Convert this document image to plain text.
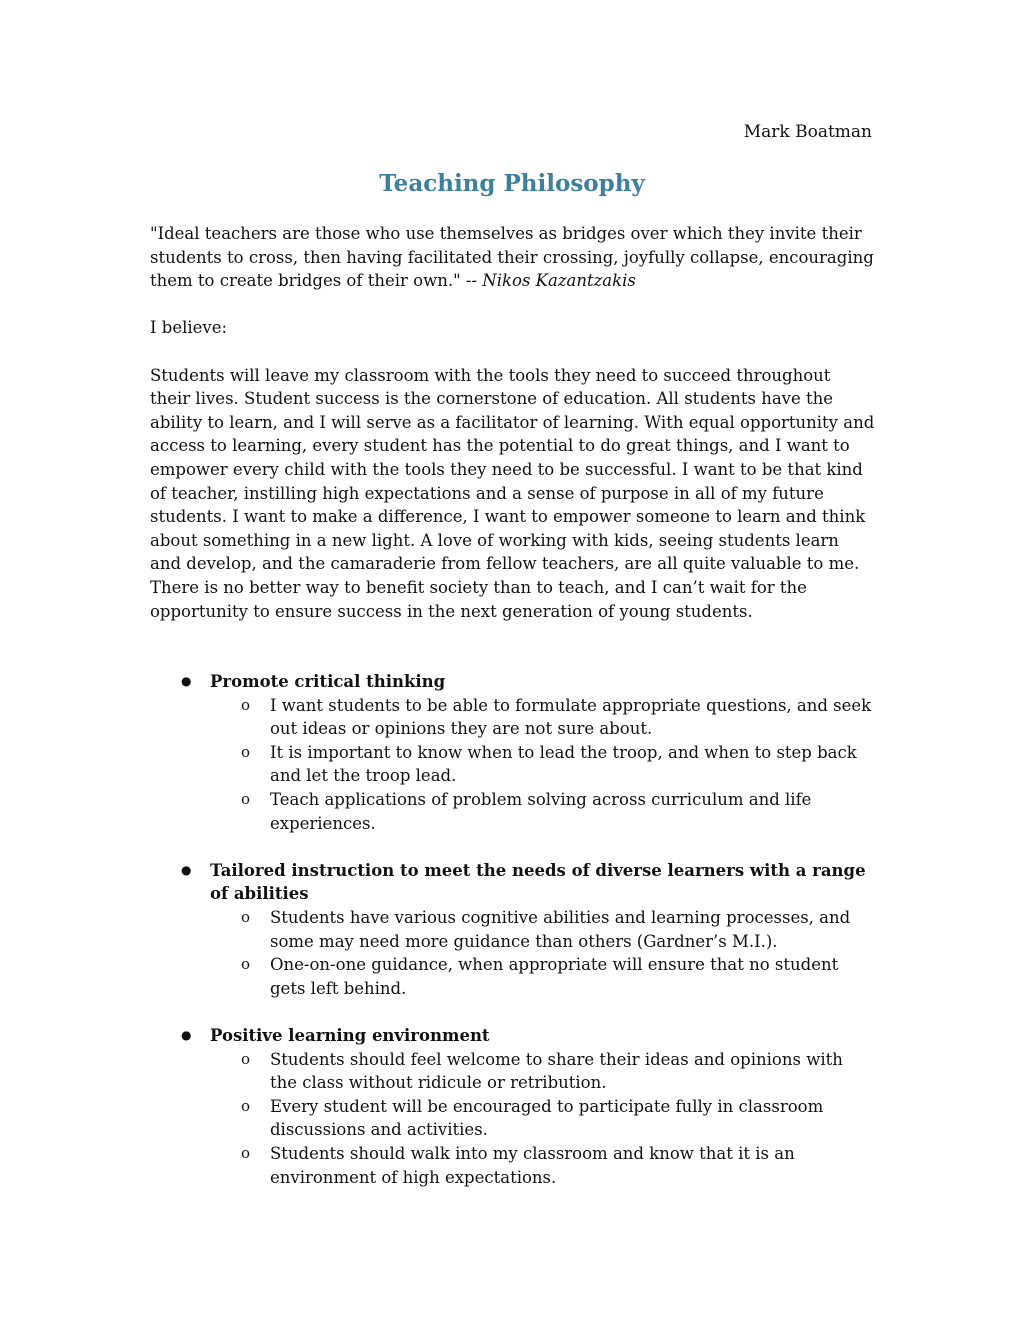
Mark Boatman
Teaching Philosophy

"Ideal teachers are those who use themselves as bridges over which they invite their students to cross, then having facilitated their crossing, joyfully collapse, encouraging them to create bridges of their own." -- Nikos Kazantzakis

I believe:

Students will leave my classroom with the tools they need to succeed throughout their lives. Student success is the cornerstone of education. All students have the ability to learn, and I will serve as a facilitator of learning. With equal opportunity and access to learning, every student has the potential to do great things, and I want to empower every child with the tools they need to be successful. I want to be that kind of teacher, instilling high expectations and a sense of purpose in all of my future students. I want to make a difference, I want to empower someone to learn and think about something in a new light. A love of working with kids, seeing students learn and develop, and the camaraderie from fellow teachers, are all quite valuable to me. There is no better way to benefit society than to teach, and I can’t wait for the opportunity to ensure success in the next generation of young students.

● Promote critical thinking
o I want students to be able to formulate appropriate questions, and seek out ideas or opinions they are not sure about.
o It is important to know when to lead the troop, and when to step back and let the troop lead.
o Teach applications of problem solving across curriculum and life experiences.
● Tailored instruction to meet the needs of diverse learners with a range of abilities
o Students have various cognitive abilities and learning processes, and some may need more guidance than others (Gardner’s M.I.).
o One-on-one guidance, when appropriate will ensure that no student gets left behind.
● Positive learning environment
o Students should feel welcome to share their ideas and opinions with the class without ridicule or retribution.
o Every student will be encouraged to participate fully in classroom discussions and activities.
o Students should walk into my classroom and know that it is an environment of high expectations.
